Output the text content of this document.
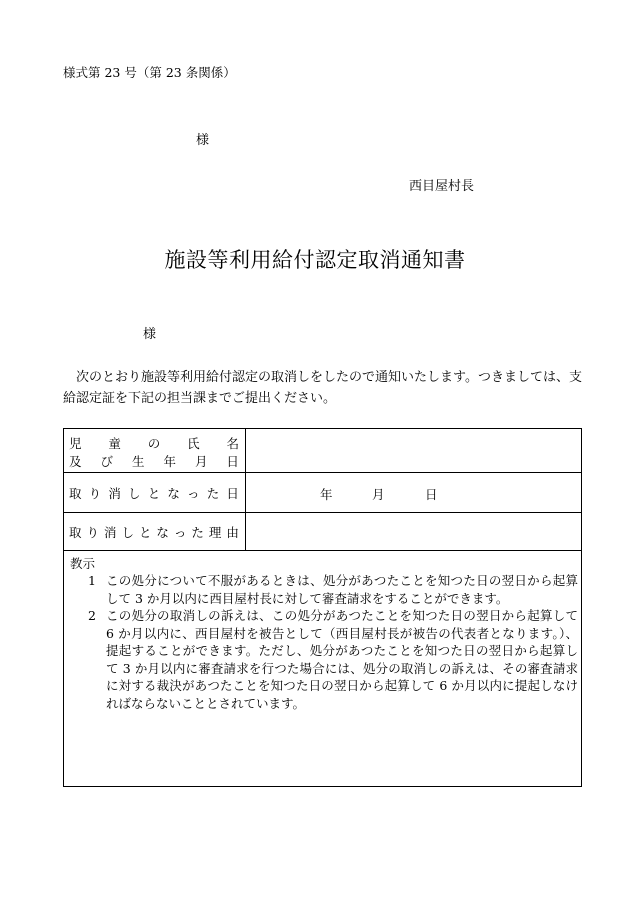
様式第 23 号（第 23 条関係）
様
西目屋村長
施設等利用給付認定取消通知書
様
次のとおり施設等利用給付認定の取消しをしたので通知いたします。つきましては、支給認定証を下記の担当課までご提出ください。
児 童 の 氏 名
及 び 生 年 月 日
取 り 消 し と な っ た 日	年	月	日
取 り 消 し と な っ た 理 由
教示
1 この処分について不服があるときは、処分があつたことを知つた日の翌日から起算して 3 か月以内に西目屋村長に対して審査請求をすることができます。
2 この処分の取消しの訴えは、この処分があつたことを知つた日の翌日から起算して 6 か月以内に、西目屋村を被告として（西目屋村長が被告の代表者となります。）、提起することができます。ただし、処分があつたことを知つた日の翌日から起算して 3 か月以内に審査請求を行つた場合には、処分の取消しの訴えは、その審査請求に対する裁決があつたことを知つた日の翌日から起算して 6 か月以内に提起しなければならないこととされています。
